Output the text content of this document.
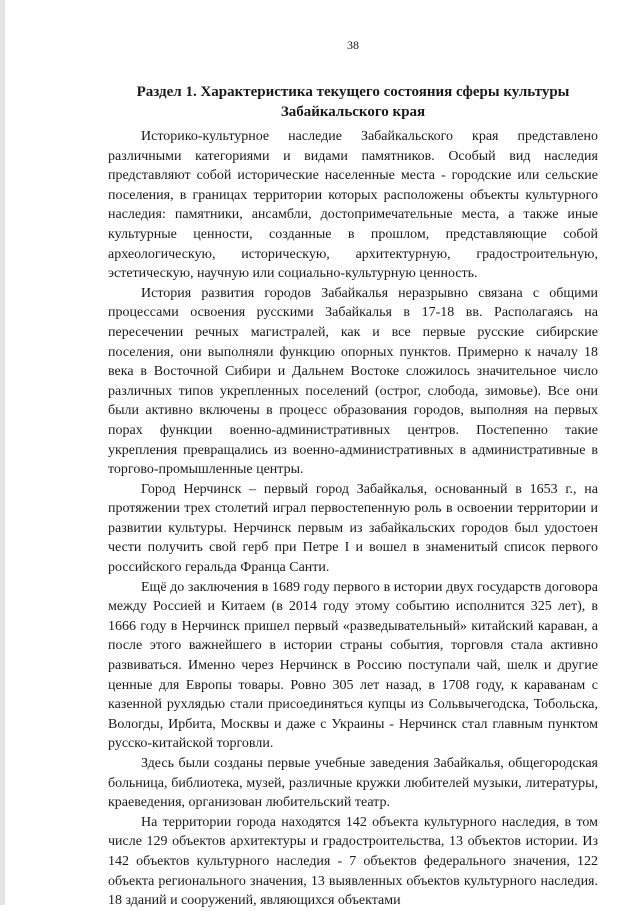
38
Раздел 1. Характеристика текущего состояния сферы культуры
Забайкальского края

Историко-культурное наследие Забайкальского края представлено различными категориями и видами памятников. Особый вид наследия представляют собой исторические населенные места - городские или сельские поселения, в границах территории которых расположены объекты культурного наследия: памятники, ансамбли, достопримечательные места, а также иные культурные ценности, созданные в прошлом, представляющие собой археологическую, историческую, архитектурную, градостроительную, эстетическую, научную или социально-культурную ценность.

История развития городов Забайкалья неразрывно связана с общими процессами освоения русскими Забайкалья в 17-18 вв. Располагаясь на пересечении речных магистралей, как и все первые русские сибирские поселения, они выполняли функцию опорных пунктов. Примерно к началу 18 века в Восточной Сибири и Дальнем Востоке сложилось значительное число различных типов укрепленных поселений (острог, слобода, зимовье). Все они были активно включены в процесс образования городов, выполняя на первых порах функции военно-административных центров. Постепенно такие укрепления превращались из военно-административных в административные в торгово-промышленные центры.

Город Нерчинск – первый город Забайкалья, основанный в 1653 г., на протяжении трех столетий играл первостепенную роль в освоении территории и развитии культуры. Нерчинск первым из забайкальских городов был удостоен чести получить свой герб при Петре I и вошел в знаменитый список первого российского геральда Франца Санти.

Ещё до заключения в 1689 году первого в истории двух государств договора между Россией и Китаем (в 2014 году этому событию исполнится 325 лет), в 1666 году в Нерчинск пришел первый «разведывательный» китайский караван, а после этого важнейшего в истории страны события, торговля стала активно развиваться. Именно через Нерчинск в Россию поступали чай, шелк и другие ценные для Европы товары. Ровно 305 лет назад, в 1708 году, к караванам с казенной рухлядью стали присоединяться купцы из Сольвычегодска, Тобольска, Вологды, Ирбита, Москвы и даже с Украины - Нерчинск стал главным пунктом русско-китайской торговли.

Здесь были созданы первые учебные заведения Забайкалья, общегородская больница, библиотека, музей, различные кружки любителей музыки, литературы, краеведения, организован любительский театр.

На территории города находятся 142 объекта культурного наследия, в том числе 129 объектов архитектуры и градостроительства, 13 объектов истории. Из 142 объектов культурного наследия - 7 объектов федерального значения, 122 объекта регионального значения, 13 выявленных объектов культурного наследия. 18 зданий и сооружений, являющихся объектами
